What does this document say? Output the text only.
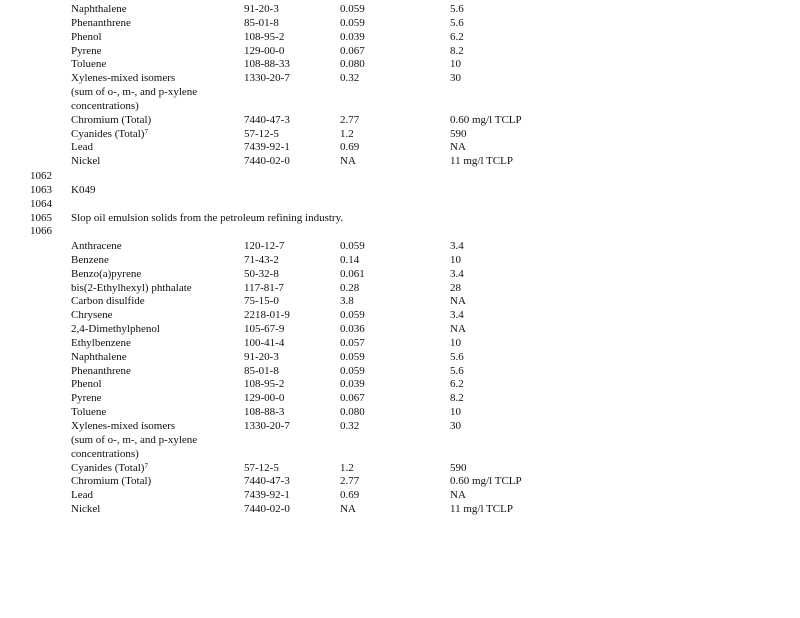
Naphthalene	91-20-3	0.059	5.6
Phenanthrene	85-01-8	0.059	5.6
Phenol	108-95-2	0.039	6.2
Pyrene	129-00-0	0.067	8.2
Toluene	108-88-33	0.080	10
Xylenes-mixed isomers	1330-20-7	0.32	30
(sum of o-, m-, and p-xylene
concentrations)
Chromium (Total)	7440-47-3	2.77	0.60 mg/l TCLP
Cyanides (Total)$^7$	57-12-5	1.2	590
Lead	7439-92-1	0.69	NA
Nickel	7440-02-0	NA	11 mg/l TCLP
1062
1063 K049
1064
1065 Slop oil emulsion solids from the petroleum refining industry.
1066
Anthracene	120-12-7	0.059	3.4
Benzene	71-43-2	0.14	10
Benzo(a)pyrene	50-32-8	0.061	3.4
bis(2-Ethylhexyl) phthalate	117-81-7	0.28	28
Carbon disulfide	75-15-0	3.8	NA
Chrysene	2218-01-9	0.059	3.4
2,4-Dimethylphenol	105-67-9	0.036	NA
Ethylbenzene	100-41-4	0.057	10
Naphthalene	91-20-3	0.059	5.6
Phenanthrene	85-01-8	0.059	5.6
Phenol	108-95-2	0.039	6.2
Pyrene	129-00-0	0.067	8.2
Toluene	108-88-3	0.080	10
Xylenes-mixed isomers	1330-20-7	0.32	30
(sum of o-, m-, and p-xylene
concentrations)
Cyanides (Total)$^7$	57-12-5	1.2	590
Chromium (Total)	7440-47-3	2.77	0.60 mg/l TCLP
Lead	7439-92-1	0.69	NA
Nickel	7440-02-0	NA	11 mg/l TCLP
